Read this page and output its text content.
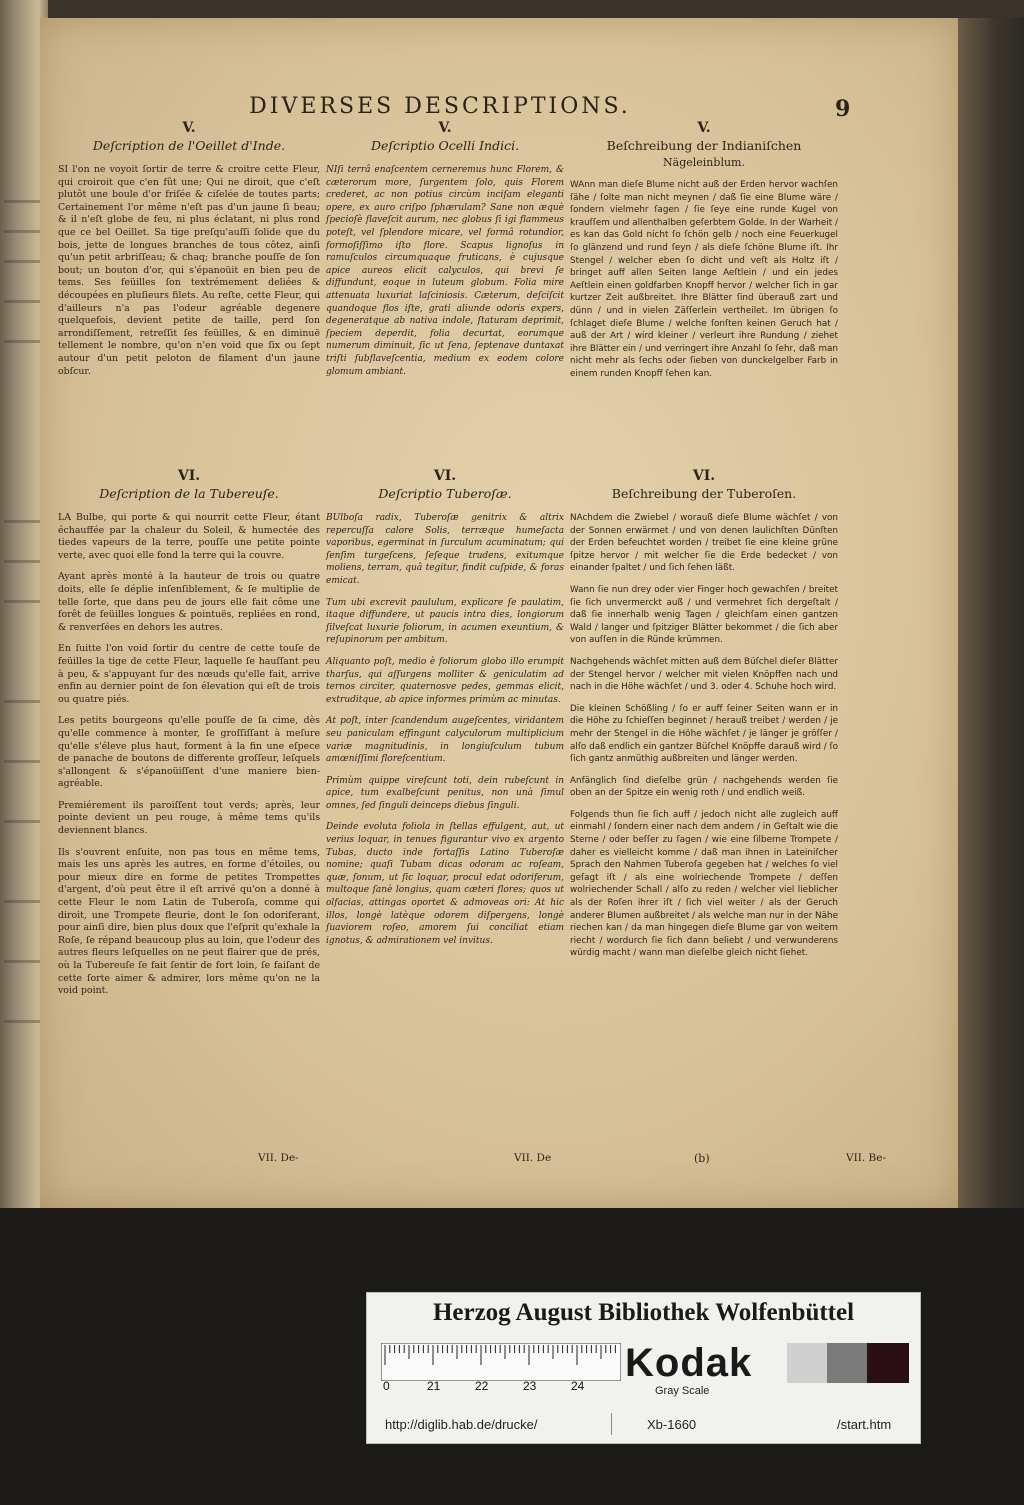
DIVERSES DESCRIPTIONS.	9

V.

Deſcription de l'Oeillet d'Inde.

SI l'on ne voyoit ſortir de terre & croitre cette Fleur, qui croiroit que c'en fût une; Qui ne diroit, que c'eſt plutôt une boule d'or friſée & ciſelée de toutes parts; Certainement l'or même n'eſt pas d'un jaune ſi beau; & il n'eſt globe de feu, ni plus éclatant, ni plus rond que ce bel Oeillet. Sa tige preſqu'auſſi ſolide que du bois, jette de longues branches de tous côtez, ainſi qu'un petit arbriſſeau; & chaq; branche pouſſe de ſon bout; un bouton d'or, qui s'épanoüit en bien peu de tems. Ses feüilles ſon textrémement deliées & découpées en pluſieurs filets. Au reſte, cette Fleur, qui d'ailleurs n'a pas l'odeur agréable degenere quelquefois, devient petite de taille, perd ſon arrondiſſement, retreſſit ſes feüilles, & en diminuë tellement le nombre, qu'on n'en void que ſix ou ſept autour d'un petit peloton de filament d'un jaune obſcur.

V.

Deſcriptio Ocelli Indici.

NIſi terrâ enaſcentem cerneremus hunc Florem, & cæterorum more, ſurgentem ſolo, quis Florem crederet, ac non potius circùm inciſam eleganti opere, ex auro criſpo ſphærulam? Sane non æquè ſpecioſè flaveſcit aurum, nec globus ſi igi flammeus poteſt, vel ſplendore micare, vel formâ rotundior, formoſiſſimo iſto flore. Scapus lignoſus in ramuſculos circumquaque fruticans, è cujusque apice aureos elicit calyculos, qui brevi ſe diffundunt, eoque in luteum globum. Folia mire attenuata luxuriat laſciniosis. Cæterum, deſciſcit quandoque flos iſte, grati aliunde odoris expers, degeneratque ab nativa indole, ſtaturam deprimit, ſpeciem deperdit, folia decurtat, eorumque numerum diminuit, ſic ut ſena, ſeptenave duntaxat triſti ſubflaveſcentia, medium ex eodem colore glomum ambiant.

V.

Beſchreibung der Indianiſchen

Nägeleinblum.

WAnn man dieſe Blume nicht auß der Erden hervor wachſen ſähe / ſolte man nicht meynen / daß ſie eine Blume wäre / ſondern vielmehr ſagen / ſie ſeye eine runde Kugel von krauſſem und allenthalben geſerbtem Golde. In der Warheit / es kan das Gold nicht ſo ſchön gelb / noch eine Feuerkugel ſo glänzend und rund ſeyn / als dieſe ſchöne Blume iſt. Ihr Stengel / welcher eben ſo dicht und veſt als Holtz iſt / bringet auff allen Seiten lange Aeſtlein / und ein jedes Aeſtlein einen goldfarben Knopff hervor / welcher ſich in gar kurtzer Zeit außbreitet. Ihre Blätter ſind überauß zart und dünn / und in vielen Zäſſerlein vertheilet. Im übrigen ſo ſchlaget dieſe Blume / welche ſonſten keinen Geruch hat / auß der Art / wird kleiner / verleurt ihre Rundung / ziehet ihre Blätter ein / und verringert ihre Anzahl ſo ſehr, daß man nicht mehr als ſechs oder ſieben von dunckelgelber Farb in einem runden Knopff ſehen kan.

VI.

Deſcription de la Tubereuſe.

LA Bulbe, qui porte & qui nourrit cette Fleur, étant échauffée par la chaleur du Soleil, & humectée des tiedes vapeurs de la terre, pouſſe une petite pointe verte, avec quoi elle fond la terre qui la couvre.

Ayant après monté à la hauteur de trois ou quatre doits, elle ſe déplie inſenſiblement, & ſe multiplie de telle ſorte, que dans peu de jours elle fait côme une forêt de feüilles longues & pointuës, repliées en rond, & renverſées en dehors les autres.

En ſuitte l'on void ſortir du centre de cette touſe de feüilles la tige de cette Fleur, laquelle ſe hauſſant peu à peu, & s'appuyant ſur des nœuds qu'elle fait, arrive enfin au dernier point de ſon élevation qui eſt de trois ou quatre piés.

Les petits bourgeons qu'elle pouſſe de ſa cime, dès qu'elle commence à monter, ſe groſſiſſant à meſure qu'elle s'éleve plus haut, forment à la fin une eſpece de panache de boutons de differente groſſeur, leſquels s'allongent & s'épanoüiſſent d'une maniere bien-agréable.

Premiérement ils paroiſſent tout verds; après, leur pointe devient un peu rouge, à même tems qu'ils deviennent blancs.

Ils s'ouvrent enſuite, non pas tous en même tems, mais les uns après les autres, en forme d'étoiles, ou pour mieux dire en forme de petites Trompettes d'argent, d'où peut être il eſt arrivé qu'on a donné à cette Fleur le nom Latin de Tuberoſa, comme qui diroit, une Trompete fleurie, dont le ſon odoriferant, pour ainſi dire, bien plus doux que l'eſprit qu'exhale la Roſe, ſe répand beaucoup plus au loin, que l'odeur des autres fleurs leſquelles on ne peut flairer que de prés, où la Tubereuſe ſe fait ſentir de fort loin, ſe faiſant de cette ſorte aimer & admirer, lors même qu'on ne la void point.

VI.

Deſcriptio Tuberoſæ.

BUlboſa radix, Tuberoſæ genitrix & altrix repercuſſa calore Solis, terræque humeſacta vaporibus, egerminat in ſurculum acuminatum; qui ſenſim turgeſcens, ſeſeque trudens, exitumque moliens, terram, quâ tegitur, findit cuſpide, & foras emicat.

Tum ubi excrevit paululum, explicare ſe paulatim, itaque diffundere, ut paucis intra dies, longiorum ſilveſcat luxurie foliorum, in acumen exeuntium, & reſupinorum per ambitum.

Aliquanto poſt, medio è foliorum globo illo erumpit tharſus, qui aſſurgens molliter & geniculatim ad ternos circiter, quaternosve pedes, gemmas elicit, extruditque, ab apice informes primùm ac minutas.

At poſt, inter ſcandendum augeſcentes, viridantem seu paniculam effingunt calyculorum multiplicium variæ magnitudinis, in longiuſculum tubum amœniſſimi floreſcentium.

Primùm quippe vireſcunt toti, dein rubeſcunt in apice, tum exalbeſcunt penitus, non unà ſimul omnes, ſed ſinguli deinceps diebus ſinguli.

Deinde evoluta foliola in ſtellas effulgent, aut, ut verius loquar, in tenues figurantur vivo ex argento Tubas, ducto inde fortaſſis Latino Tuberoſæ nomine; quaſi Tubam dicas odoram ac roſeam, quæ, ſonum, ut ſic loquar, procul edat odoriferum, multoque ſanè longius, quam cæteri flores; quos ut olfacias, attingas oportet & admoveas ori: At hic illos, longè latèque odorem diſpergens, longè ſuaviorem roſeo, amorem ſui conciliat etiam ignotus, & admirationem vel invitus.

VI.

Beſchreibung der Tuberoſen.

NAchdem die Zwiebel / worauß dieſe Blume wächſet / von der Sonnen erwärmet / und von denen laulichſten Dünſten der Erden befeuchtet worden / treibet ſie eine kleine grüne ſpitze hervor / mit welcher ſie die Erde bedecket / von einander ſpaltet / und ſich ſehen läßt.

Wann ſie nun drey oder vier Finger hoch gewachſen / breitet ſie ſich unvermerckt auß / und vermehret ſich dergeſtalt / daß ſie innerhalb wenig Tagen / gleichſam einen gantzen Wald / langer und ſpitziger Blätter bekommet / die ſich aber von auſſen in die Ründe krümmen.

Nachgehends wächſet mitten auß dem Büſchel dieſer Blätter der Stengel hervor / welcher mit vielen Knöpffen nach und nach in die Höhe wächſet / und 3. oder 4. Schuhe hoch wird.

Die kleinen Schößling / ſo er auff ſeiner Seiten wann er in die Höhe zu ſchieſſen beginnet / herauß treibet / werden / je mehr der Stengel in die Höhe wächſet / je länger je gröſſer / alſo daß endlich ein gantzer Büſchel Knöpffe darauß wird / ſo ſich gantz anmüthig außbreiten und länger werden.

Anfänglich ſind dieſelbe grün / nachgehends werden ſie oben an der Spitze ein wenig roth / und endlich weiß.

Folgends thun ſie ſich auff / jedoch nicht alle zugleich auff einmahl / ſondern einer nach dem andern / in Geſtalt wie die Sterne / oder beſſer zu ſagen / wie eine ſilberne Trompete / daher es vielleicht komme / daß man ihnen in Lateiniſcher Sprach den Nahmen Tuberoſa gegeben hat / welches ſo viel geſagt iſt / als eine wolriechende Trompete / deſſen wolriechender Schall / alſo zu reden / welcher viel lieblicher als der Roſen ihrer iſt / ſich viel weiter / als der Geruch anderer Blumen außbreitet / als welche man nur in der Nähe riechen kan / da man hingegen dieſe Blume gar von weitem riecht / wordurch ſie ſich dann beliebt / und verwunderens würdig macht / wann man dieſelbe gleich nicht ſiehet.

VII. De-	VII. De	VII. Be-
(b)
Herzog August Bibliothek Wolfenbüttel
0	21	22	23	24
Kodak
Gray Scale
http://diglib.hab.de/drucke/	Xb-1660	/start.htm
